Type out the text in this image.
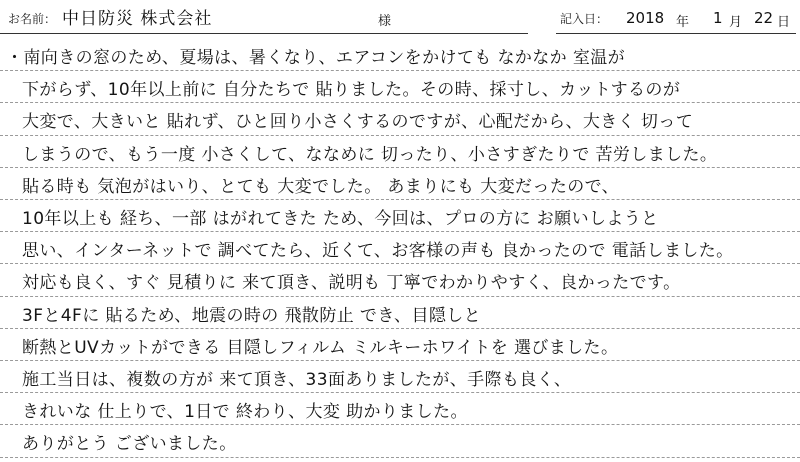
お名前： 中日防災 株式会社	様	記入日： 2018 年 1 月 22 日
・南向きの窓のため、夏場は、暑くなり、エアコンをかけても なかなか 室温が
下がらず、10年以上前に 自分たちで 貼りました。その時、採寸し、カットするのが
大変で、大きいと 貼れず、ひと回り小さくするのですが、心配だから、大きく 切って
しまうので、もう一度 小さくして、ななめに 切ったり、小さすぎたりで 苦労しました。
貼る時も 気泡がはいり、とても 大変でした。 あまりにも 大変だったので、
10年以上も 経ち、一部 はがれてきた ため、今回は、プロの方に お願いしようと
思い、インターネットで 調べてたら、近くて、お客様の声も 良かったので 電話しました。
対応も良く、すぐ 見積りに 来て頂き、説明も 丁寧でわかりやすく、良かったです。
3Fと4Fに 貼るため、地震の時の 飛散防止 でき、目隠しと
断熱とUVカットができる 目隠しフィルム ミルキーホワイトを 選びました。
施工当日は、複数の方が 来て頂き、33面ありましたが、手際も良く、
きれいな 仕上りで、1日で 終わり、大変 助かりました。
ありがとう ございました。
